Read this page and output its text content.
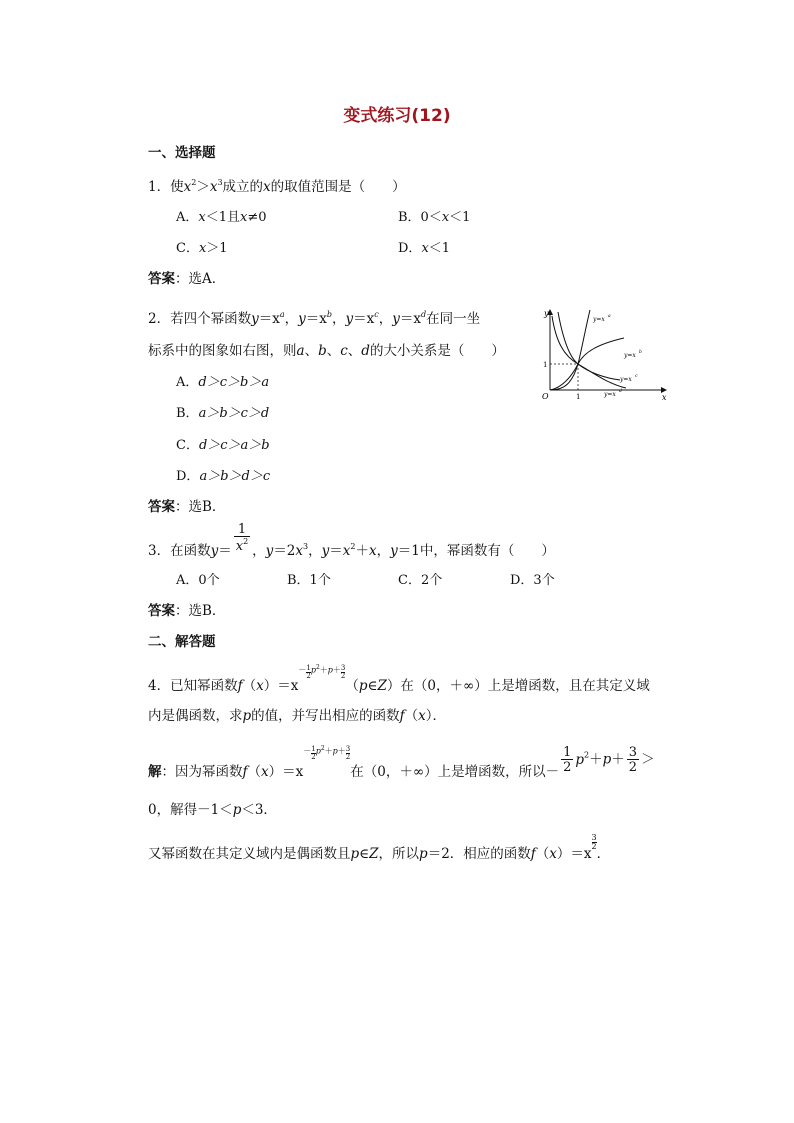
变式练习(12)
一、选择题
1．使$x^2>x^3$成立的x的取值范围是（　　）
A．x＜1且x≠0	B．0＜x＜1
C．x＞1	D．x＜1
答案：选A．
2．若四个幂函数$y=x^a$，$y=x^b$，$y=x^c$，$y=x^d$在同一坐
标系中的图象如右图，则a、b、c、d的大小关系是（　　）
A．d＞c＞b＞a
B．a＞b＞c＞d
C．d＞c＞a＞b
D．a＞b＞d＞c
答案：选B．
y
x
O	1
1
y=x a
y=x b
y=x c
y=x d
3．在函数$y= \frac{1}{x^2}$ ，$y=2x^3$，$y=x^2+x$，y＝1中，幂函数有（　　）
A．0个	B．1个	C．2个	D．3个
答案：选B．
二、解答题
4．已知幂函数$f(x)=x- \frac{1}{2} p^2+p+ \frac{3}{2}$
（p∈Z）在（0，＋∞）上是增函数，且在其定义域
内是偶函数，求p的值，并写出相应的函数f（x）．
解：因为幂函数$f(x)=x- \frac{1}{2} p^2+p+ \frac{3}{2}$
在（0，＋∞）上是增函数，所以－ $\frac{1}{2} p^2+p+ \frac{3}{2}$ ＞
0，解得－1＜p＜3．
又幂函数在其定义域内是偶函数且p∈Z，所以p＝2．相应的函数f（x）＝x
$\frac{3}{2}$
．
